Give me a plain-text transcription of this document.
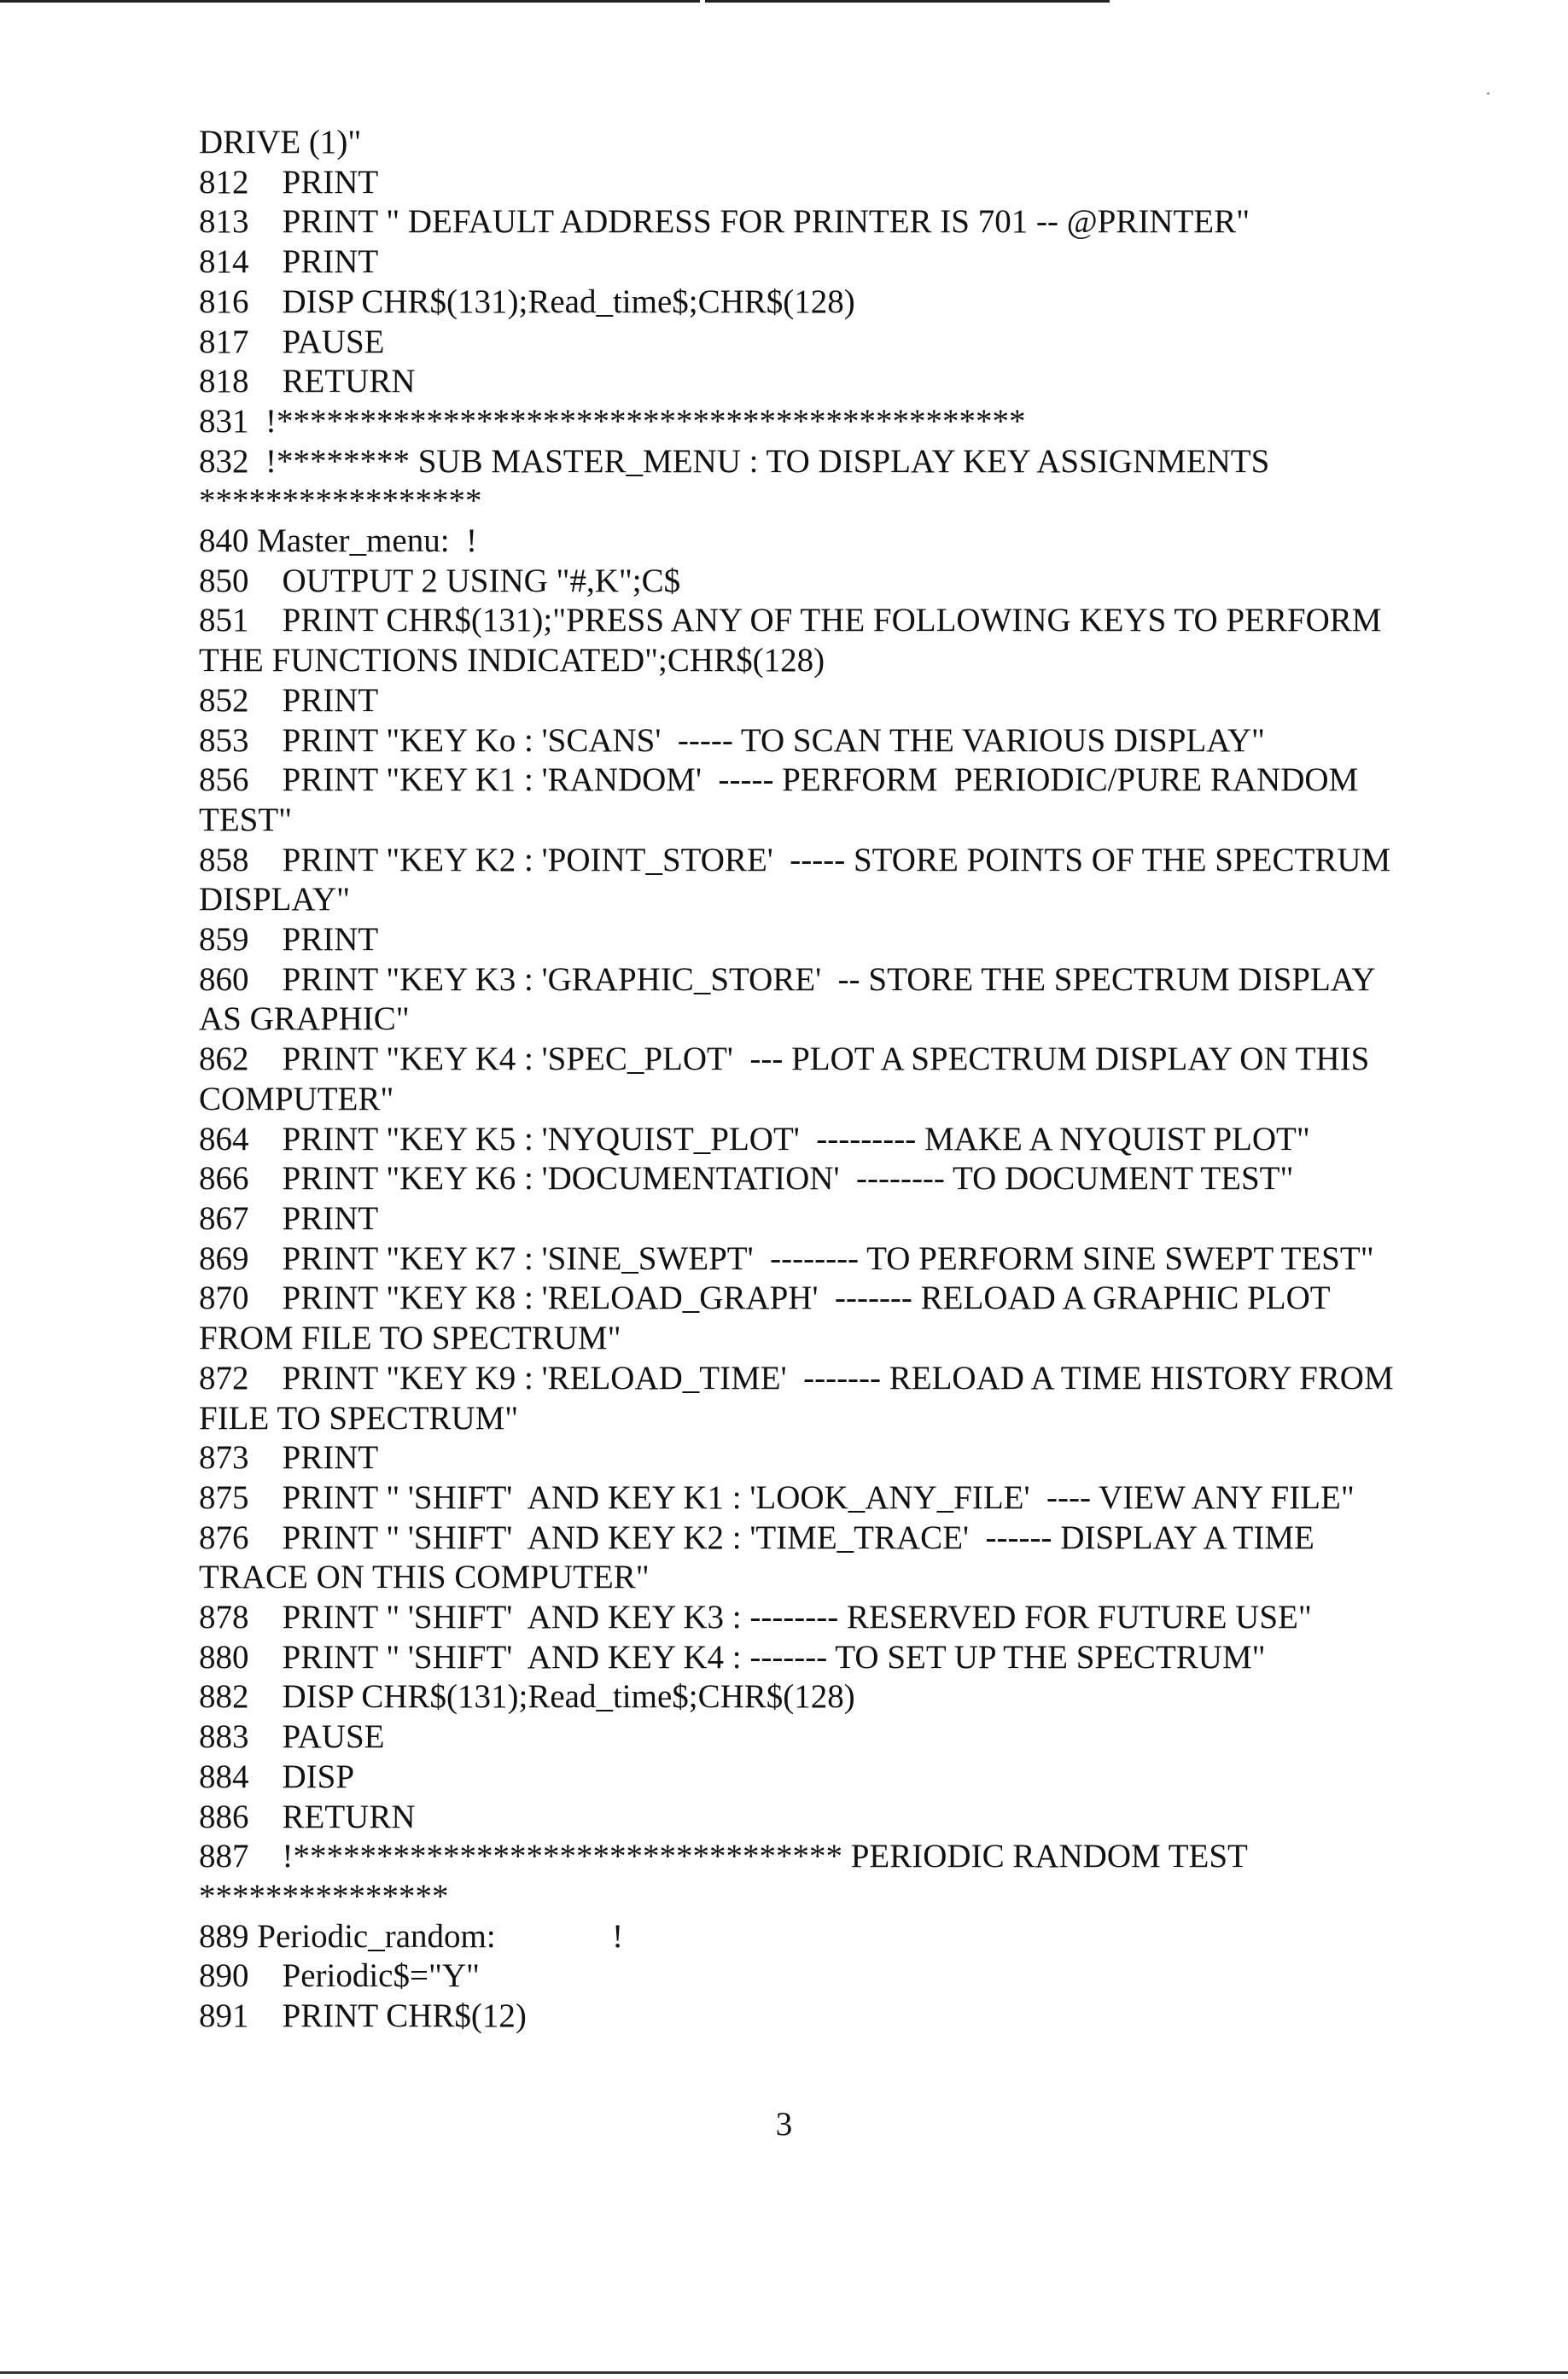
DRIVE (1)"
812    PRINT
813    PRINT " DEFAULT ADDRESS FOR PRINTER IS 701 -- @PRINTER"
814    PRINT
816    DISP CHR$(131);Read_time$;CHR$(128)
817    PAUSE
818    RETURN
831  !*********************************************
832  !******** SUB MASTER_MENU : TO DISPLAY KEY ASSIGNMENTS
*****************
840 Master_menu:  !
850    OUTPUT 2 USING "#,K";C$
851    PRINT CHR$(131);"PRESS ANY OF THE FOLLOWING KEYS TO PERFORM
THE FUNCTIONS INDICATED";CHR$(128)
852    PRINT
853    PRINT "KEY Ko : 'SCANS'  ----- TO SCAN THE VARIOUS DISPLAY"
856    PRINT "KEY K1 : 'RANDOM'  ----- PERFORM  PERIODIC/PURE RANDOM
TEST"
858    PRINT "KEY K2 : 'POINT_STORE'  ----- STORE POINTS OF THE SPECTRUM
DISPLAY"
859    PRINT
860    PRINT "KEY K3 : 'GRAPHIC_STORE'  -- STORE THE SPECTRUM DISPLAY
AS GRAPHIC"
862    PRINT "KEY K4 : 'SPEC_PLOT'  --- PLOT A SPECTRUM DISPLAY ON THIS
COMPUTER"
864    PRINT "KEY K5 : 'NYQUIST_PLOT'  --------- MAKE A NYQUIST PLOT"
866    PRINT "KEY K6 : 'DOCUMENTATION'  -------- TO DOCUMENT TEST"
867    PRINT
869    PRINT "KEY K7 : 'SINE_SWEPT'  -------- TO PERFORM SINE SWEPT TEST"
870    PRINT "KEY K8 : 'RELOAD_GRAPH'  ------- RELOAD A GRAPHIC PLOT
FROM FILE TO SPECTRUM"
872    PRINT "KEY K9 : 'RELOAD_TIME'  ------- RELOAD A TIME HISTORY FROM
FILE TO SPECTRUM"
873    PRINT
875    PRINT " 'SHIFT'  AND KEY K1 : 'LOOK_ANY_FILE'  ---- VIEW ANY FILE"
876    PRINT " 'SHIFT'  AND KEY K2 : 'TIME_TRACE'  ------ DISPLAY A TIME
TRACE ON THIS COMPUTER"
878    PRINT " 'SHIFT'  AND KEY K3 : -------- RESERVED FOR FUTURE USE"
880    PRINT " 'SHIFT'  AND KEY K4 : ------- TO SET UP THE SPECTRUM"
882    DISP CHR$(131);Read_time$;CHR$(128)
883    PAUSE
884    DISP
886    RETURN
887    !********************************* PERIODIC RANDOM TEST
***************
889 Periodic_random:              !
890    Periodic$="Y"
891    PRINT CHR$(12)
3
